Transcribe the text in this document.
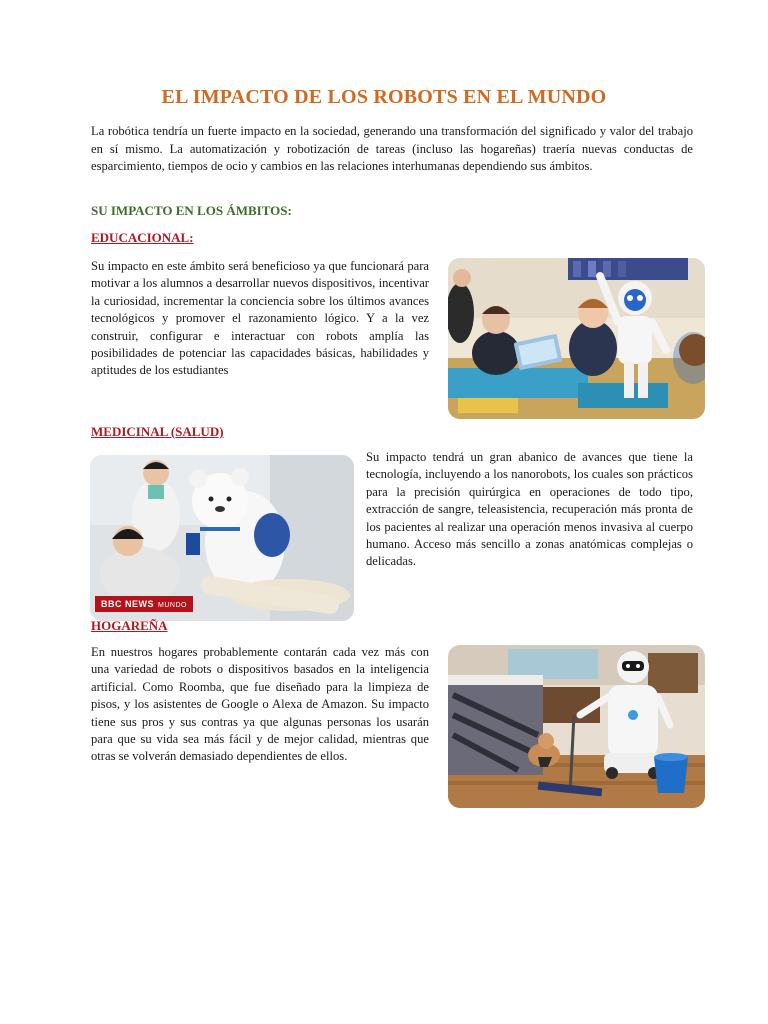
EL IMPACTO DE LOS ROBOTS EN EL MUNDO

La robótica tendría un fuerte impacto en la sociedad, generando una transformación del significado y valor del trabajo en sí mismo. La automatización y robotización de tareas (incluso las hogareñas) traería nuevas conductas de esparcimiento, tiempos de ocio y cambios en las relaciones interhumanas dependiendo sus ámbitos.

SU IMPACTO EN LOS ÁMBITOS:
EDUCACIONAL:

Su impacto en este ámbito será beneficioso ya que funcionará para motivar a los alumnos a desarrollar nuevos dispositivos, incentivar la curiosidad, incrementar la conciencia sobre los últimos avances tecnológicos y promover el razonamiento lógico. Y a la vez construir, configurar e interactuar con robots amplía las posibilidades de potenciar las capacidades básicas, habilidades y aptitudes de los estudiantes

MEDICINAL (SALUD)
BBC NEWS MUNDO

Su impacto tendrá un gran abanico de avances que tiene la tecnología, incluyendo a los nanorobots, los cuales son prácticos para la precisión quirúrgica en operaciones de todo tipo, extracción de sangre, teleasistencia, recuperación más pronta de los pacientes al realizar una operación menos invasiva al cuerpo humano. Acceso más sencillo a zonas anatómicas complejas o delicadas.

HOGAREÑA

En nuestros hogares probablemente contarán cada vez más con una variedad de robots o dispositivos basados en la inteligencia artificial. Como Roomba, que fue diseñado para la limpieza de pisos, y los asistentes de Google o Alexa de Amazon. Su impacto tiene sus pros y sus contras ya que algunas personas los usarán para que su vida sea más fácil y de mejor calidad, mientras que otras se volverán demasiado dependientes de ellos.
